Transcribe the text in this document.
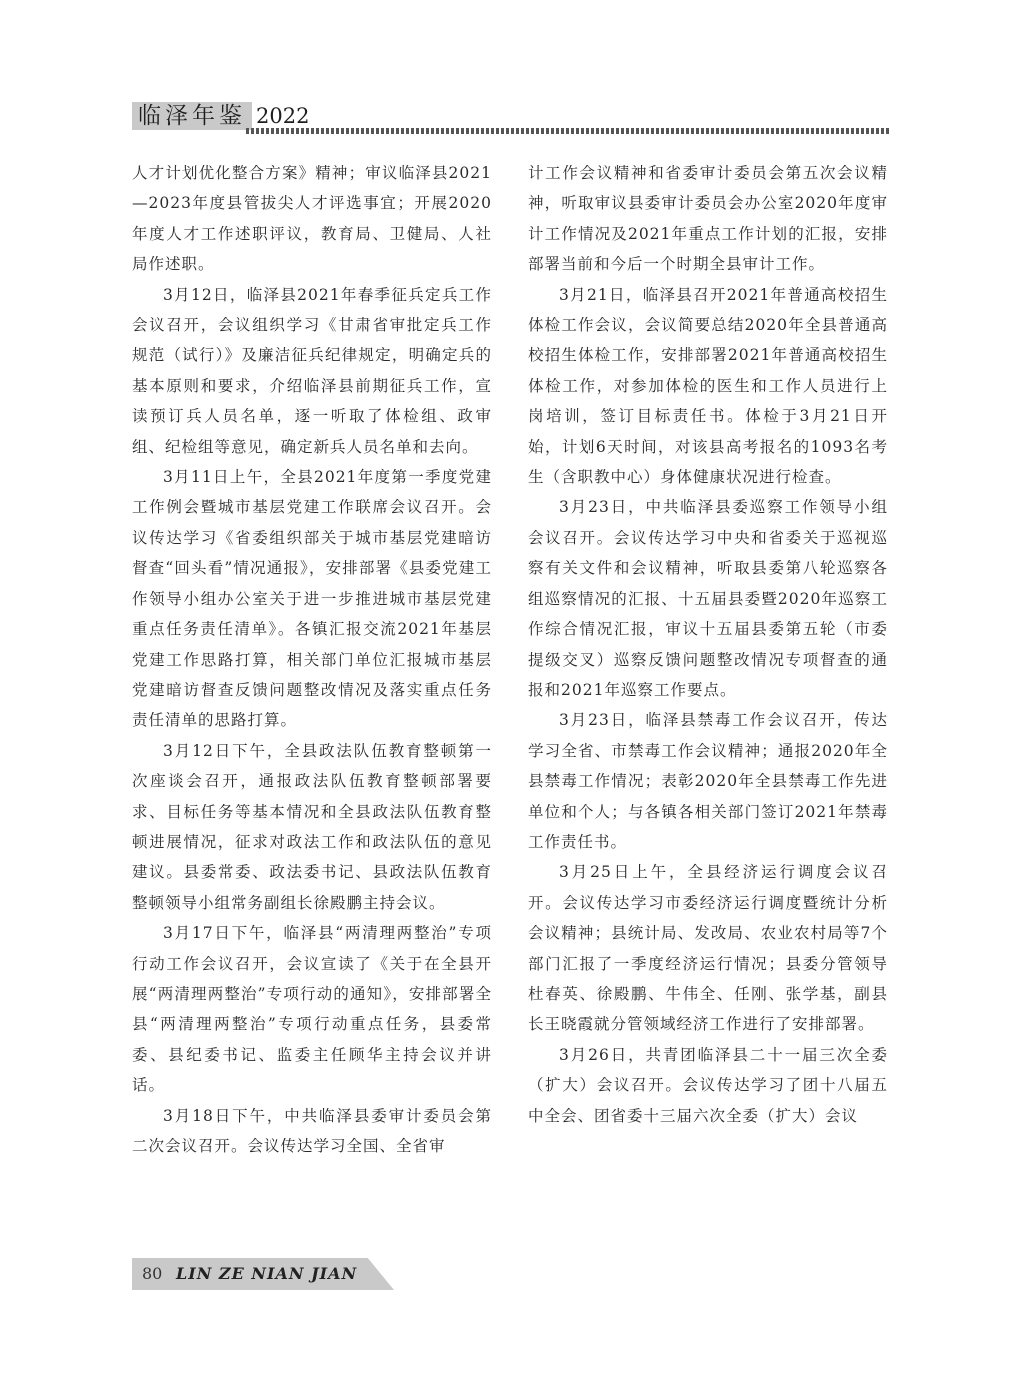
临泽年鉴 2022

人才计划优化整合方案》精神；审议临泽县2021—2023年度县管拔尖人才评选事宜；开展2020年度人才工作述职评议，教育局、卫健局、人社局作述职。

3月12日，临泽县2021年春季征兵定兵工作会议召开，会议组织学习《甘肃省审批定兵工作规范（试行）》及廉洁征兵纪律规定，明确定兵的基本原则和要求，介绍临泽县前期征兵工作，宣读预订兵人员名单，逐一听取了体检组、政审组、纪检组等意见，确定新兵人员名单和去向。

3月11日上午，全县2021年度第一季度党建工作例会暨城市基层党建工作联席会议召开。会议传达学习《省委组织部关于城市基层党建暗访督查“回头看”情况通报》，安排部署《县委党建工作领导小组办公室关于进一步推进城市基层党建重点任务责任清单》。各镇汇报交流2021年基层党建工作思路打算，相关部门单位汇报城市基层党建暗访督查反馈问题整改情况及落实重点任务责任清单的思路打算。

3月12日下午，全县政法队伍教育整顿第一次座谈会召开，通报政法队伍教育整顿部署要求、目标任务等基本情况和全县政法队伍教育整顿进展情况，征求对政法工作和政法队伍的意见建议。县委常委、政法委书记、县政法队伍教育整顿领导小组常务副组长徐殿鹏主持会议。

3月17日下午，临泽县“两清理两整治”专项行动工作会议召开，会议宣读了《关于在全县开展“两清理两整治”专项行动的通知》，安排部署全县“两清理两整治”专项行动重点任务，县委常委、县纪委书记、监委主任顾华主持会议并讲话。

3月18日下午，中共临泽县委审计委员会第二次会议召开。会议传达学习全国、全省审

计工作会议精神和省委审计委员会第五次会议精神，听取审议县委审计委员会办公室2020年度审计工作情况及2021年重点工作计划的汇报，安排部署当前和今后一个时期全县审计工作。

3月21日，临泽县召开2021年普通高校招生体检工作会议，会议简要总结2020年全县普通高校招生体检工作，安排部署2021年普通高校招生体检工作，对参加体检的医生和工作人员进行上岗培训，签订目标责任书。体检于3月21日开始，计划6天时间，对该县高考报名的1093名考生（含职教中心）身体健康状况进行检查。

3月23日，中共临泽县委巡察工作领导小组会议召开。会议传达学习中央和省委关于巡视巡察有关文件和会议精神，听取县委第八轮巡察各组巡察情况的汇报、十五届县委暨2020年巡察工作综合情况汇报，审议十五届县委第五轮（市委提级交叉）巡察反馈问题整改情况专项督查的通报和2021年巡察工作要点。

3月23日，临泽县禁毒工作会议召开，传达学习全省、市禁毒工作会议精神；通报2020年全县禁毒工作情况；表彰2020年全县禁毒工作先进单位和个人；与各镇各相关部门签订2021年禁毒工作责任书。

3月25日上午，全县经济运行调度会议召开。会议传达学习市委经济运行调度暨统计分析会议精神；县统计局、发改局、农业农村局等7个部门汇报了一季度经济运行情况；县委分管领导杜春英、徐殿鹏、牛伟全、任刚、张学基，副县长王晓霞就分管领域经济工作进行了安排部署。

3月26日，共青团临泽县二十一届三次全委（扩大）会议召开。会议传达学习了团十八届五中全会、团省委十三届六次全委（扩大）会议

80 LIN ZE NIAN JIAN
